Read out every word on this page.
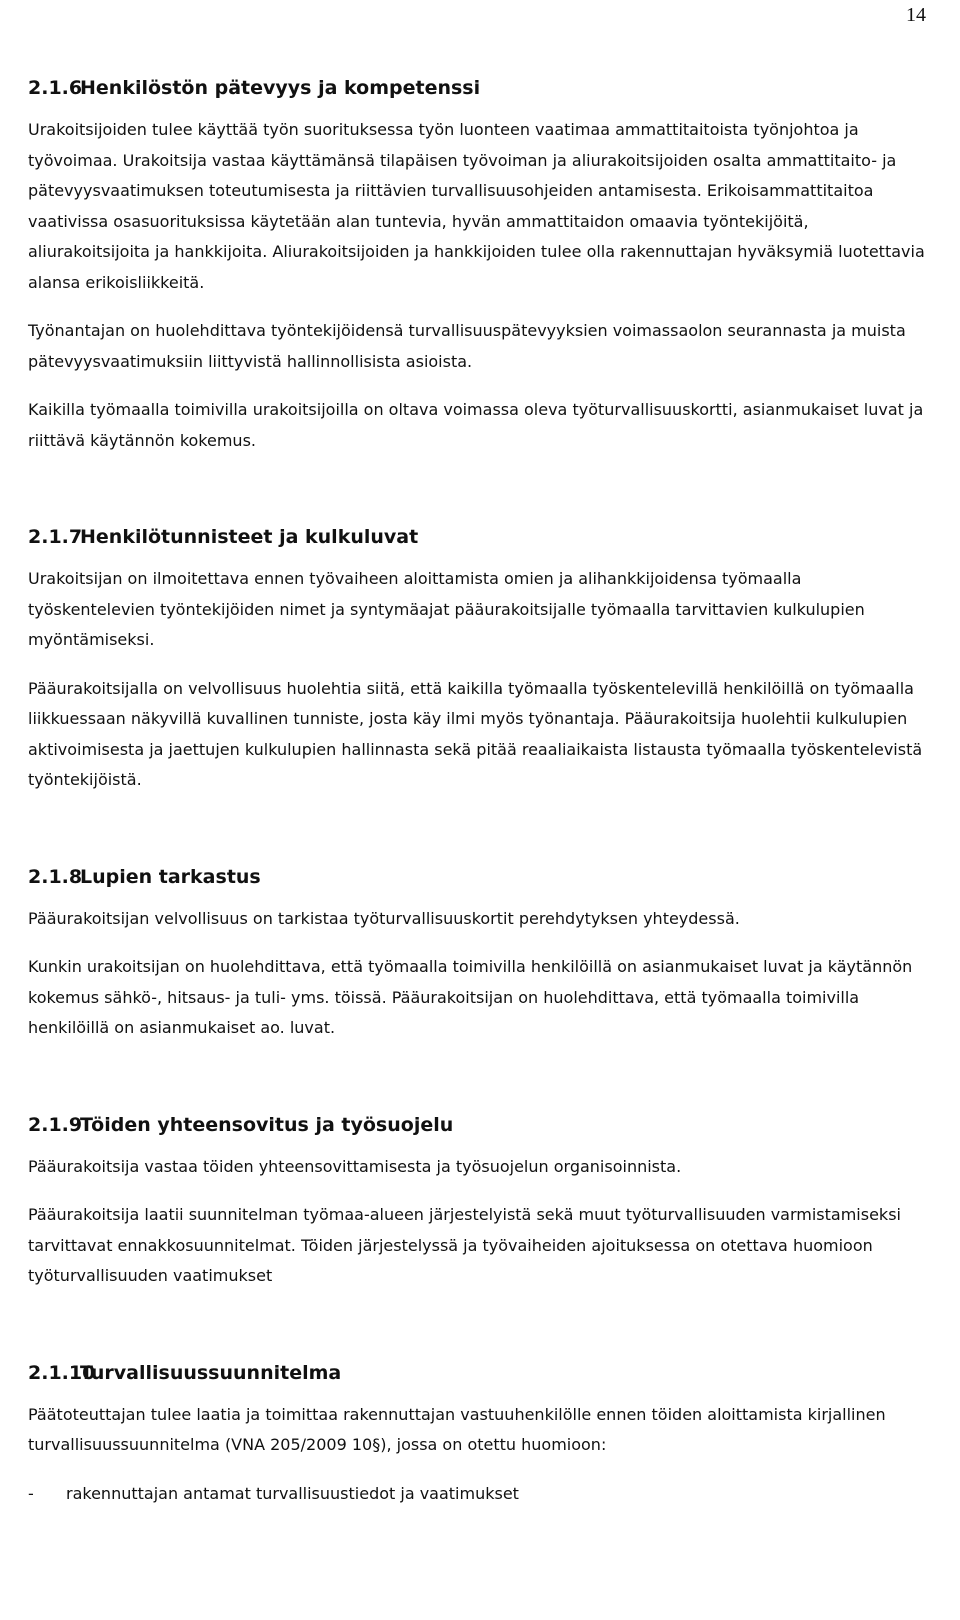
14
2.1.6
Henkilöstön pätevyys ja kompetenssi

Urakoitsijoiden tulee käyttää työn suorituksessa työn luonteen vaatimaa ammattitaitoista työnjohtoa ja työvoimaa. Urakoitsija vastaa käyttämänsä tilapäisen työvoiman ja aliurakoitsijoiden osalta ammattitaito- ja pätevyysvaatimuksen toteutumisesta ja riittävien turvallisuusohjeiden antamisesta. Erikoisammattitaitoa vaativissa osasuorituksissa käytetään alan tuntevia, hyvän ammattitaidon omaavia työntekijöitä, aliurakoitsijoita ja hankkijoita. Aliurakoitsijoiden ja hankkijoiden tulee olla rakennuttajan hyväksymiä luotettavia alansa erikoisliikkeitä.

Työnantajan on huolehdittava työntekijöidensä turvallisuuspätevyyksien voimassaolon seurannasta ja muista pätevyysvaatimuksiin liittyvistä hallinnollisista asioista.

Kaikilla työmaalla toimivilla urakoitsijoilla on oltava voimassa oleva työturvallisuuskortti, asianmukaiset luvat ja riittävä käytännön kokemus.

2.1.7
Henkilötunnisteet ja kulkuluvat

Urakoitsijan on ilmoitettava ennen työvaiheen aloittamista omien ja alihankkijoidensa työmaalla työskentelevien työntekijöiden nimet ja syntymäajat pääurakoitsijalle työmaalla tarvittavien kulkulupien myöntämiseksi.

Pääurakoitsijalla on velvollisuus huolehtia siitä, että kaikilla työmaalla työskentelevillä henkilöillä on työmaalla liikkuessaan näkyvillä kuvallinen tunniste, josta käy ilmi myös työnantaja. Pääurakoitsija huolehtii kulkulupien aktivoimisesta ja jaettujen kulkulupien hallinnasta sekä pitää reaaliaikaista listausta työmaalla työskentelevistä työntekijöistä.

2.1.8
Lupien tarkastus

Pääurakoitsijan velvollisuus on tarkistaa työturvallisuuskortit perehdytyksen yhteydessä.

Kunkin urakoitsijan on huolehdittava, että työmaalla toimivilla henkilöillä on asianmukaiset luvat ja käytännön kokemus sähkö-, hitsaus- ja tuli- yms. töissä. Pääurakoitsijan on huolehdittava, että työmaalla toimivilla henkilöillä on asianmukaiset ao. luvat.

2.1.9
Töiden yhteensovitus ja työsuojelu

Pääurakoitsija vastaa töiden yhteensovittamisesta ja työsuojelun organisoinnista.

Pääurakoitsija laatii suunnitelman työmaa-alueen järjestelyistä sekä muut työturvallisuuden varmistamiseksi tarvittavat ennakkosuunnitelmat. Töiden järjestelyssä ja työvaiheiden ajoituksessa on otettava huomioon työturvallisuuden vaatimukset

2.1.10
Turvallisuussuunnitelma

Päätoteuttajan tulee laatia ja toimittaa rakennuttajan vastuuhenkilölle ennen töiden aloittamista kirjallinen turvallisuussuunnitelma (VNA 205/2009 10§), jossa on otettu huomioon:

-	rakennuttajan antamat turvallisuustiedot ja vaatimukset
